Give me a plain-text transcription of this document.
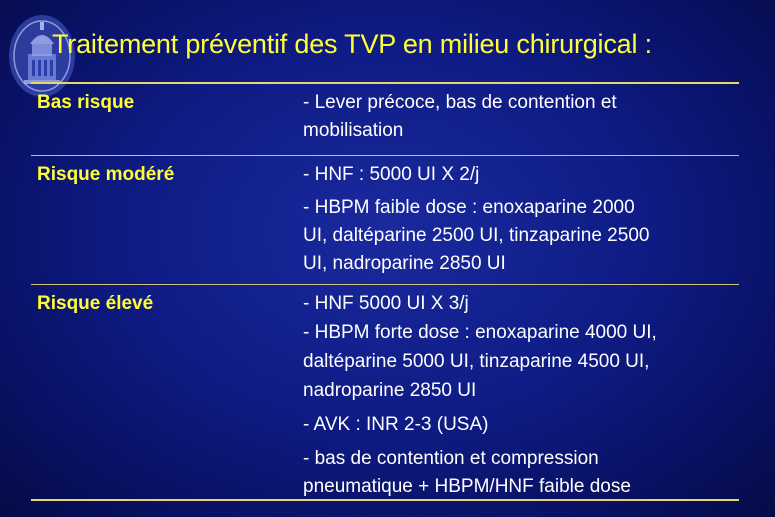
Traitement préventif des TVP en milieu chirurgical :
Bas risque	- Lever précoce, bas de contention et
mobilisation
Risque modéré	- HNF : 5000 UI X 2/j
- HBPM faible dose : enoxaparine 2000
UI, daltéparine 2500 UI, tinzaparine 2500
UI, nadroparine 2850 UI
Risque élevé	- HNF 5000 UI X 3/j
- HBPM forte dose : enoxaparine 4000 UI,
daltéparine 5000 UI, tinzaparine 4500 UI,
nadroparine 2850 UI
- AVK : INR 2-3 (USA)
- bas de contention et compression
pneumatique + HBPM/HNF faible dose
